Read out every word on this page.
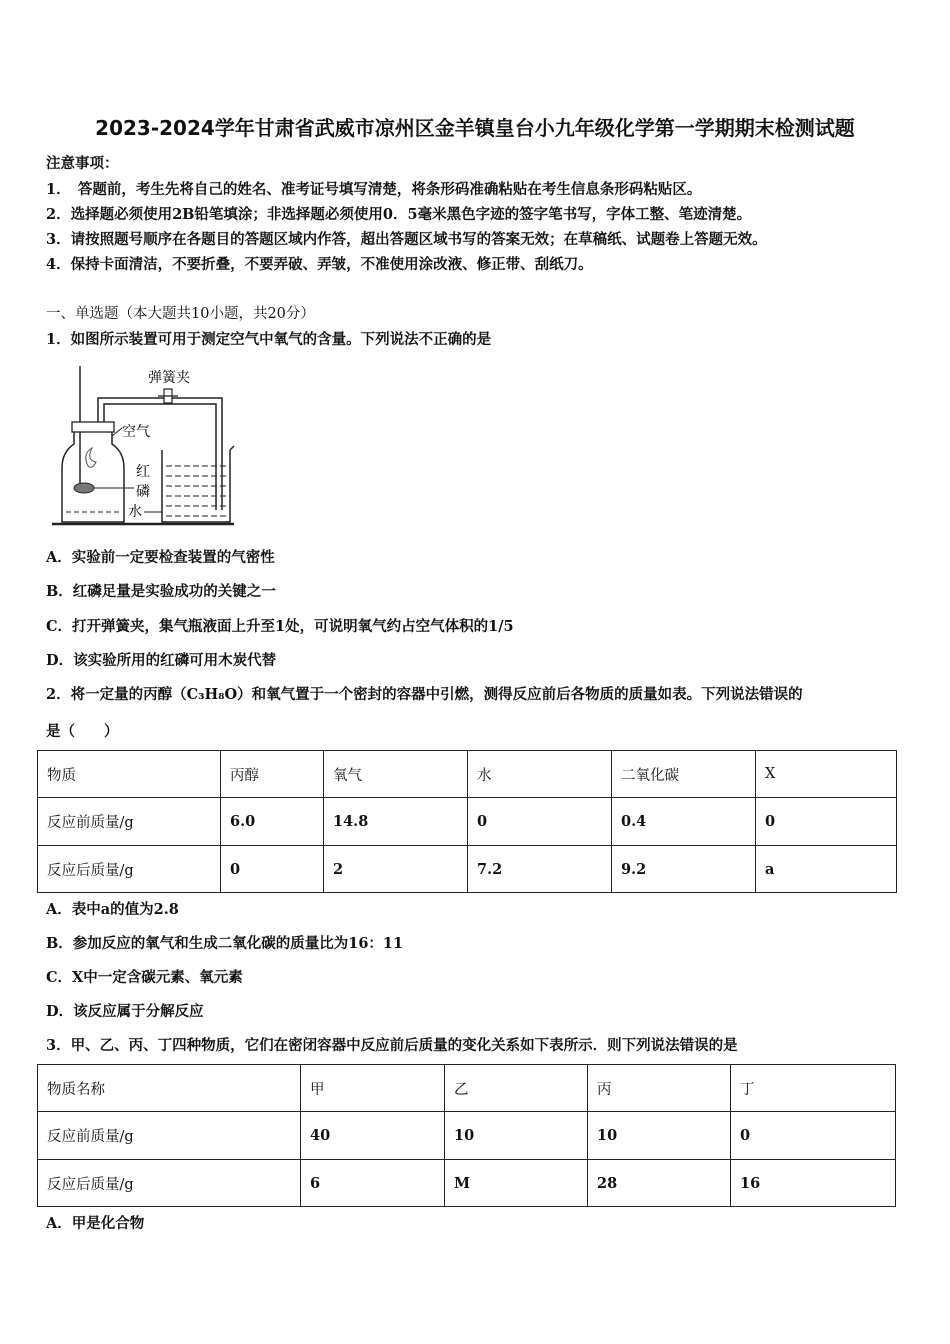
2023-2024学年甘肃省武威市凉州区金羊镇皇台小九年级化学第一学期期末检测试题
注意事项：
1．　答题前，考生先将自己的姓名、准考证号填写清楚，将条形码准确粘贴在考生信息条形码粘贴区。
2．选择题必须使用2B铅笔填涂；非选择题必须使用0．5毫米黑色字迹的签字笔书写，字体工整、笔迹清楚。
3．请按照题号顺序在各题目的答题区域内作答，超出答题区域书写的答案无效；在草稿纸、试题卷上答题无效。
4．保持卡面清洁，不要折叠，不要弄破、弄皱，不准使用涂改液、修正带、刮纸刀。
一、单选题（本大题共10小题，共20分）
1．如图所示装置可用于测定空气中氧气的含量。下列说法不正确的是
弹簧夹
空气
红
磷
水
A．实验前一定要检查装置的气密性
B．红磷足量是实验成功的关键之一
C．打开弹簧夹，集气瓶液面上升至1处，可说明氧气约占空气体积的1/5
D．该实验所用的红磷可用木炭代替
2．将一定量的丙醇（C₃H₈O）和氧气置于一个密封的容器中引燃，测得反应前后各物质的质量如表。下列说法错误的
是（　　）
物质	丙醇	氧气	水	二氧化碳	X
反应前质量/g	6.0	14.8	0	0.4	0
反应后质量/g	0	2	7.2	9.2	a
A．表中a的值为2.8
B．参加反应的氧气和生成二氧化碳的质量比为16：11
C．X中一定含碳元素、氧元素
D．该反应属于分解反应
3．甲、乙、丙、丁四种物质，它们在密闭容器中反应前后质量的变化关系如下表所示．则下列说法错误的是
物质名称	甲	乙	丙	丁
反应前质量/g	40	10	10	0
反应后质量/g	6	M	28	16
A．甲是化合物
